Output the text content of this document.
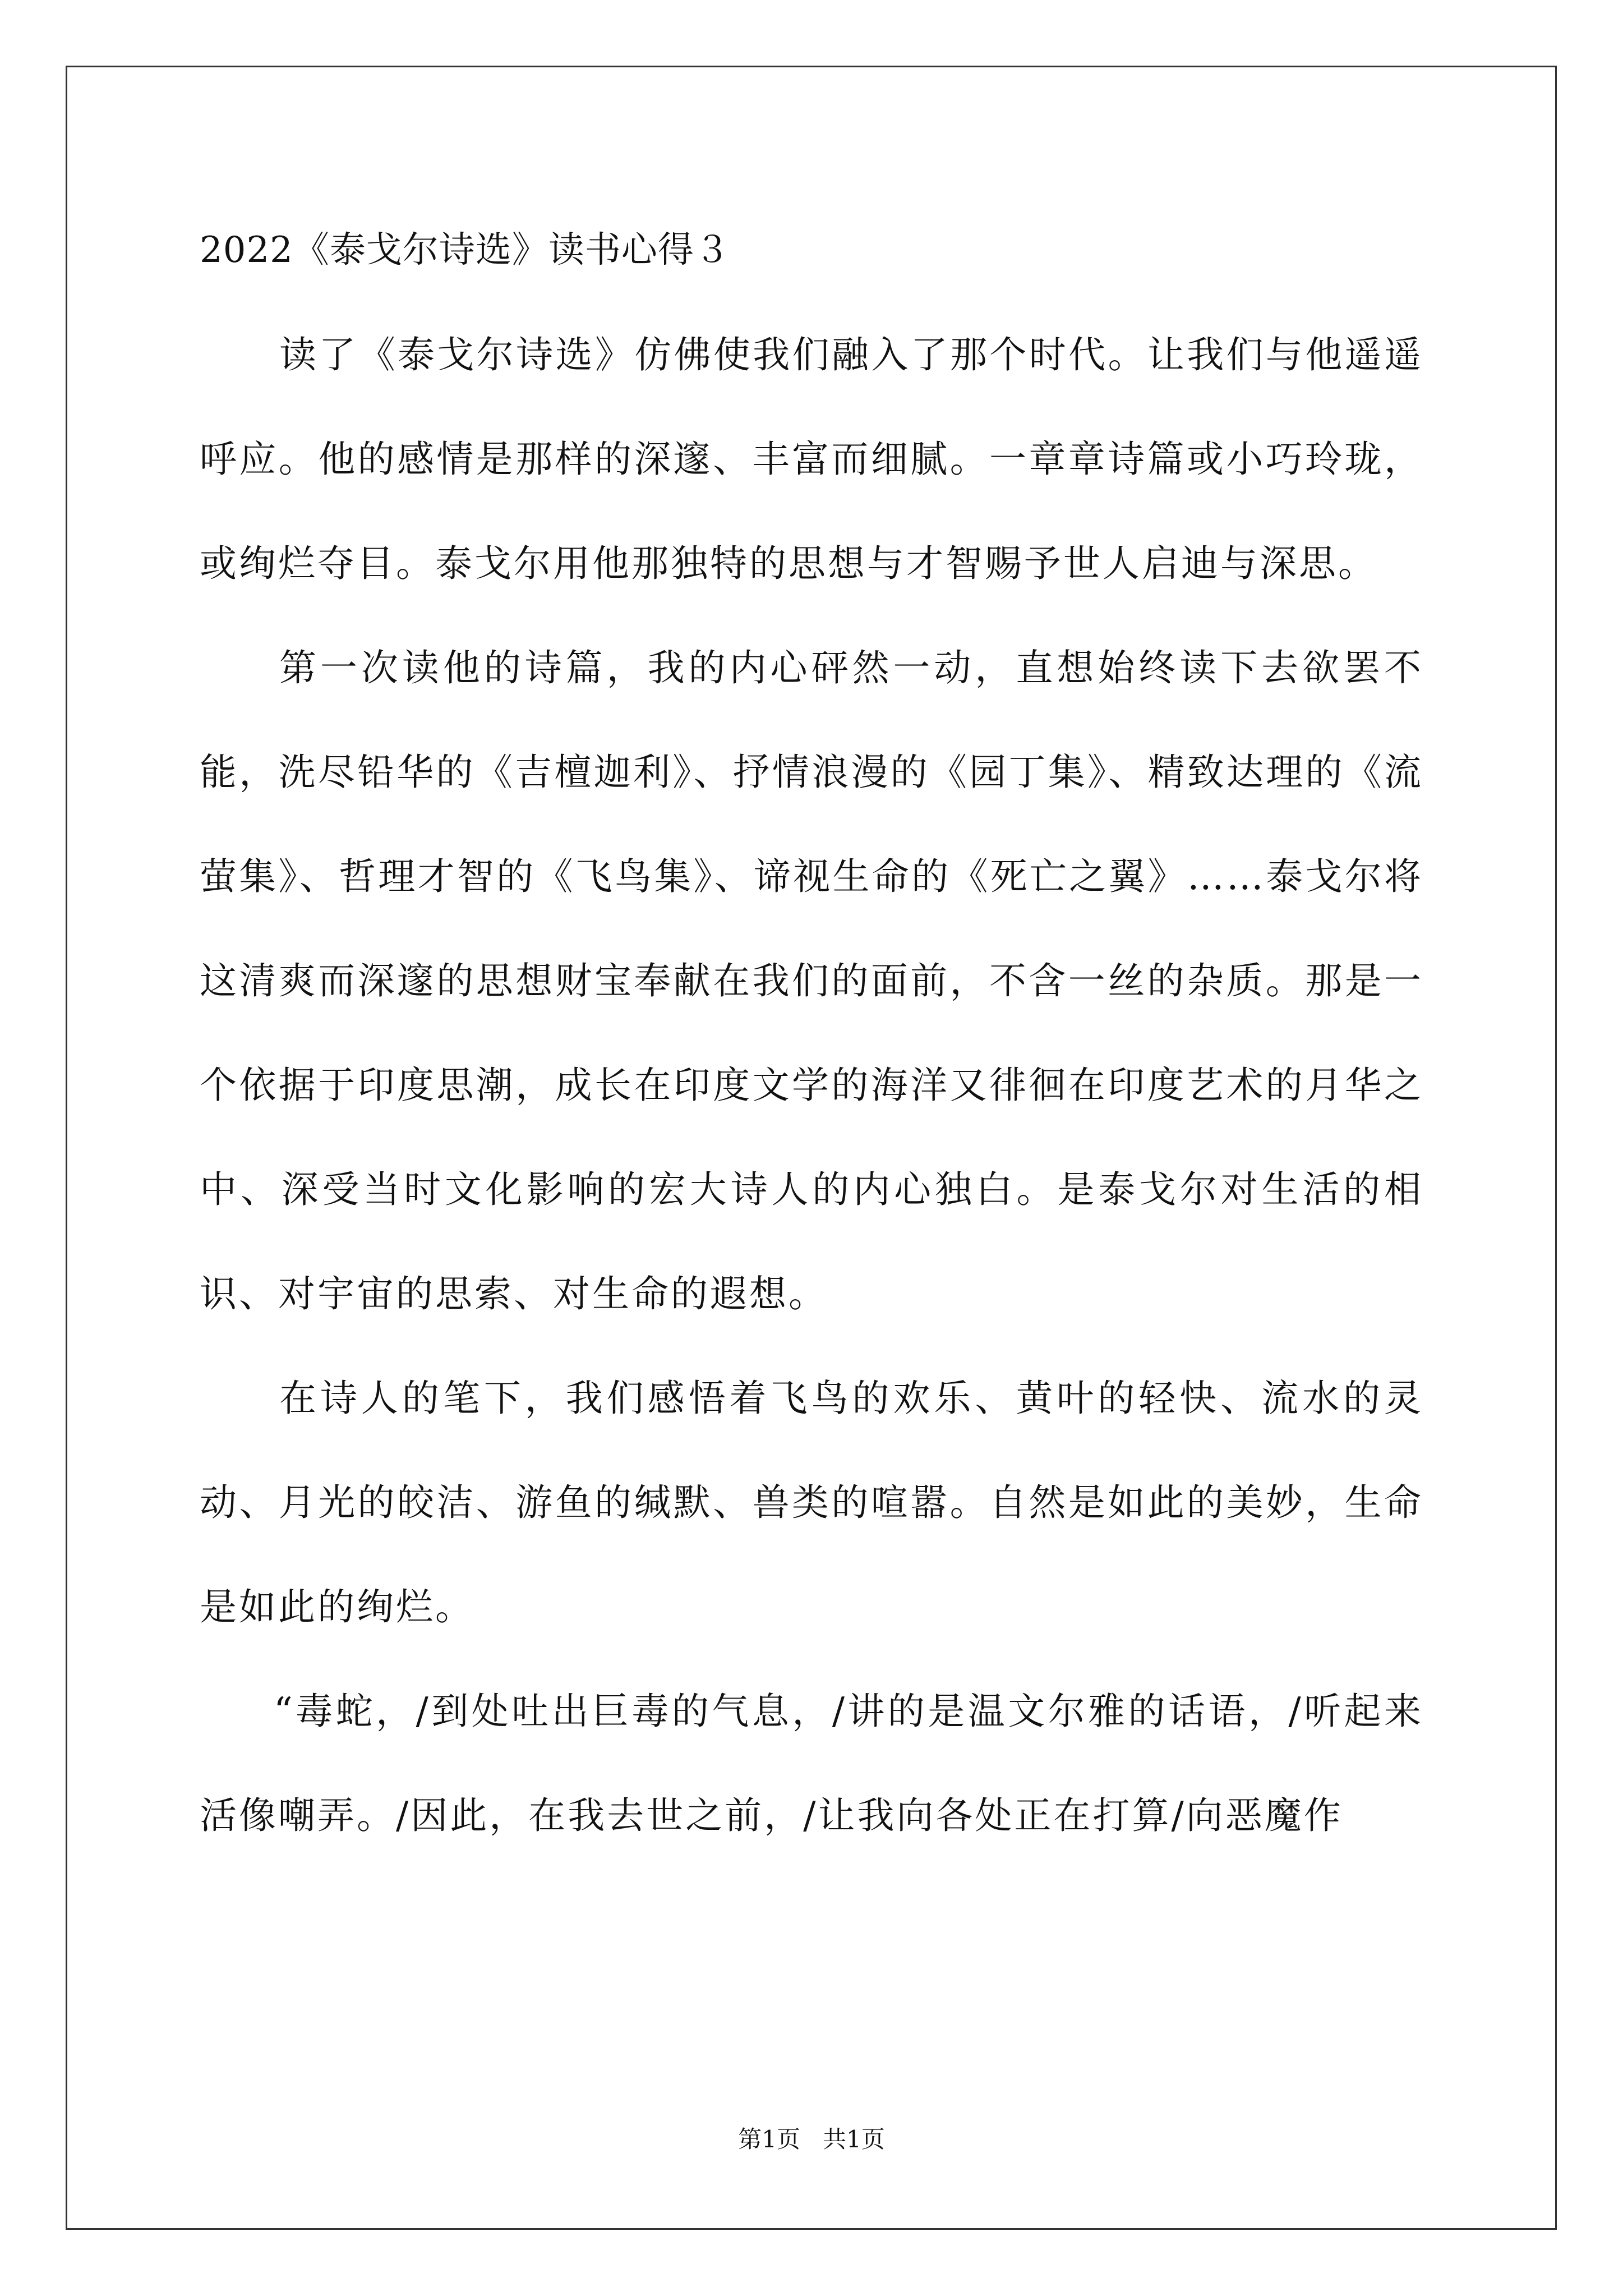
2022《泰戈尔诗选》读书心得３

读了《泰戈尔诗选》仿佛使我们融入了那个时代。让我们与他遥遥呼应。他的感情是那样的深邃、丰富而细腻。一章章诗篇或小巧玲珑，或绚烂夺目。泰戈尔用他那独特的思想与才智赐予世人启迪与深思。

第一次读他的诗篇，我的内心砰然一动，直想始终读下去欲罢不能，洗尽铅华的《吉檀迦利》、抒情浪漫的《园丁集》、精致达理的《流萤集》、哲理才智的《飞鸟集》、谛视生命的《死亡之翼》……泰戈尔将这清爽而深邃的思想财宝奉献在我们的面前，不含一丝的杂质。那是一个依据于印度思潮，成长在印度文学的海洋又徘徊在印度艺术的月华之中、深受当时文化影响的宏大诗人的内心独白。是泰戈尔对生活的相识、对宇宙的思索、对生命的遐想。

在诗人的笔下，我们感悟着飞鸟的欢乐、黄叶的轻快、流水的灵动、月光的皎洁、游鱼的缄默、兽类的喧嚣。自然是如此的美妙，生命是如此的绚烂。

“毒蛇，/到处吐出巨毒的气息，/讲的是温文尔雅的话语，/听起来活像嘲弄。/因此，在我去世之前，/让我向各处正在打算/向恶魔作

第1页   共1页
